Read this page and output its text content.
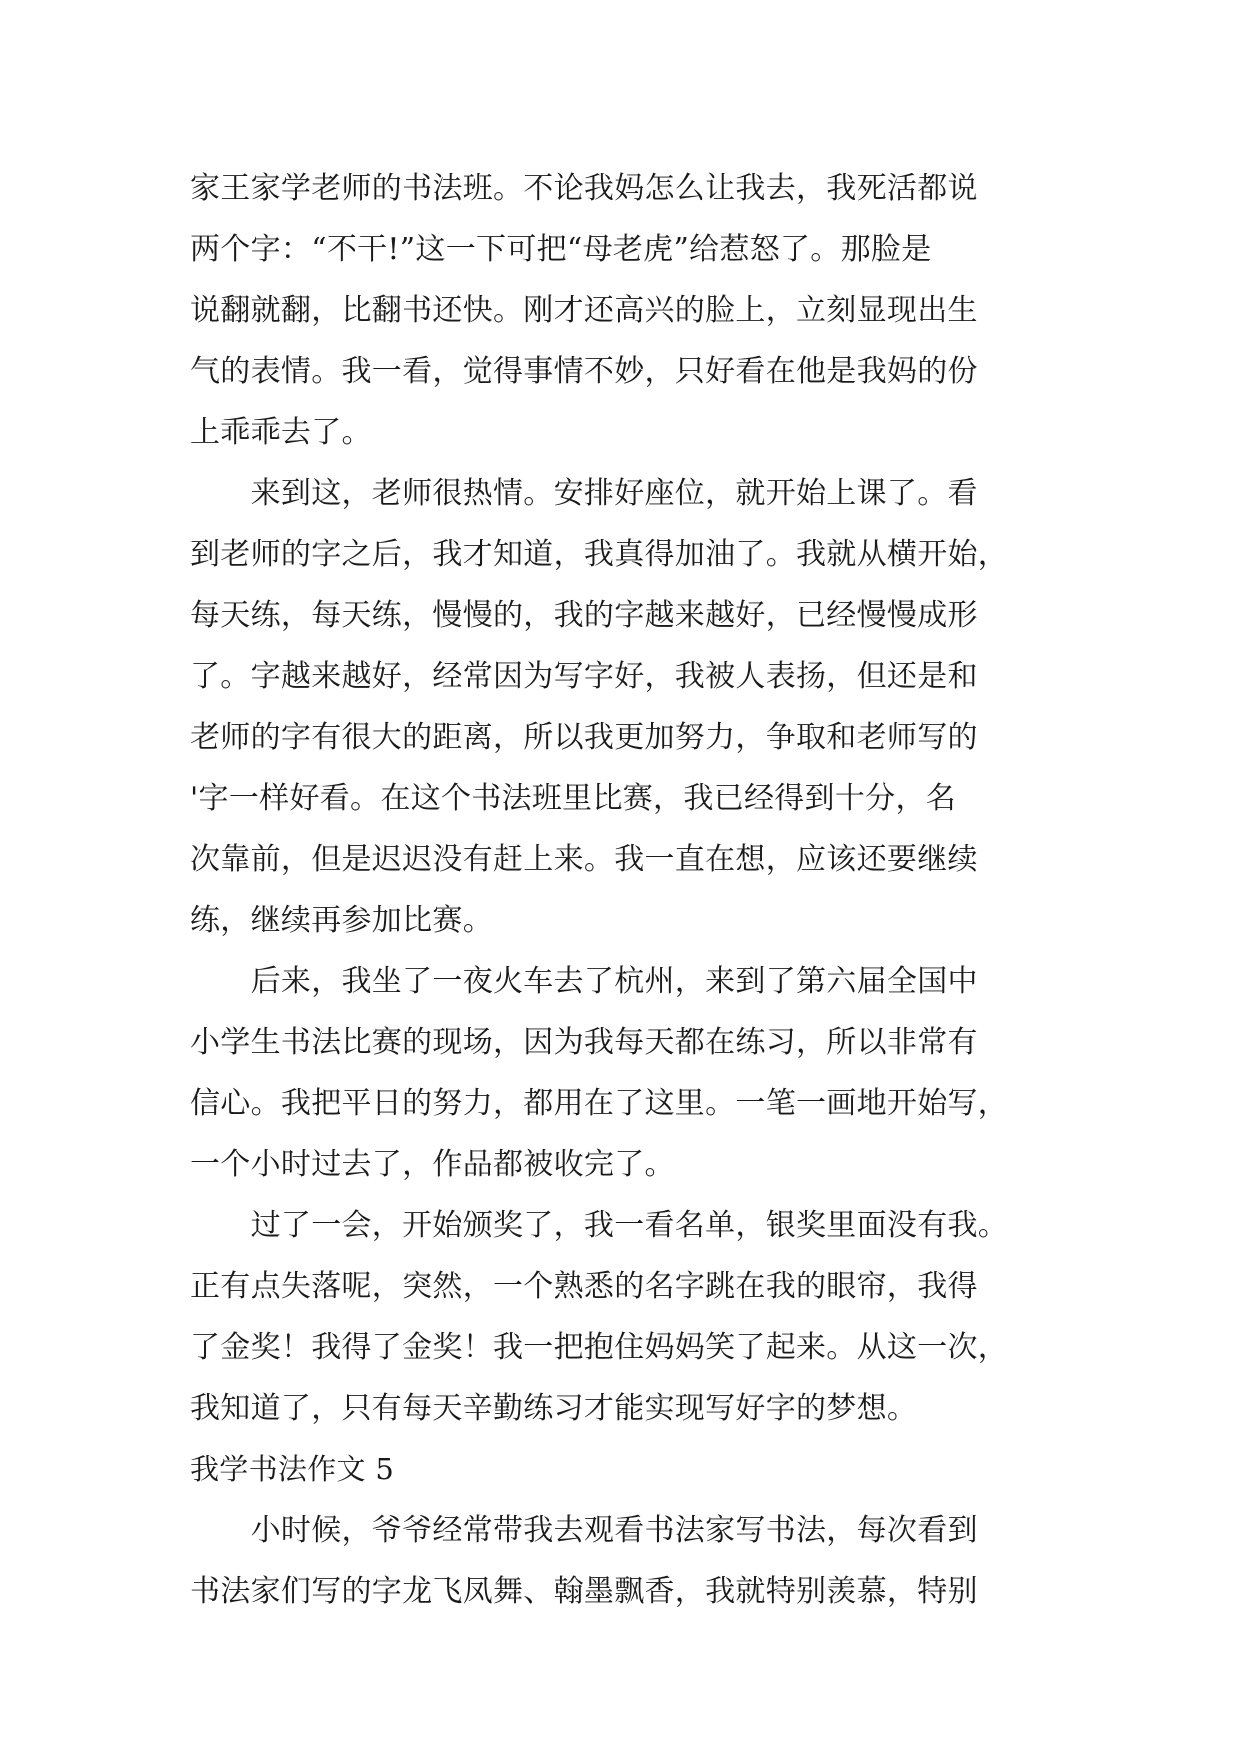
家王家学老师的书法班。不论我妈怎么让我去，我死活都说
两个字：“不干!”这一下可把“母老虎”给惹怒了。那脸是
说翻就翻，比翻书还快。刚才还高兴的脸上，立刻显现出生
气的表情。我一看，觉得事情不妙，只好看在他是我妈的份
上乖乖去了。
　　来到这，老师很热情。安排好座位，就开始上课了。看
到老师的字之后，我才知道，我真得加油了。我就从横开始，
每天练，每天练，慢慢的，我的字越来越好，已经慢慢成形
了。字越来越好，经常因为写字好，我被人表扬，但还是和
老师的字有很大的距离，所以我更加努力，争取和老师写的
'字一样好看。在这个书法班里比赛，我已经得到十分，名
次靠前，但是迟迟没有赶上来。我一直在想，应该还要继续
练，继续再参加比赛。
　　后来，我坐了一夜火车去了杭州，来到了第六届全国中
小学生书法比赛的现场，因为我每天都在练习，所以非常有
信心。我把平日的努力，都用在了这里。一笔一画地开始写，
一个小时过去了，作品都被收完了。
　　过了一会，开始颁奖了，我一看名单，银奖里面没有我。
正有点失落呢，突然，一个熟悉的名字跳在我的眼帘，我得
了金奖！我得了金奖！我一把抱住妈妈笑了起来。从这一次，
我知道了，只有每天辛勤练习才能实现写好字的梦想。
我学书法作文 5
　　小时候，爷爷经常带我去观看书法家写书法，每次看到
书法家们写的字龙飞凤舞、翰墨飘香，我就特别羡慕，特别
